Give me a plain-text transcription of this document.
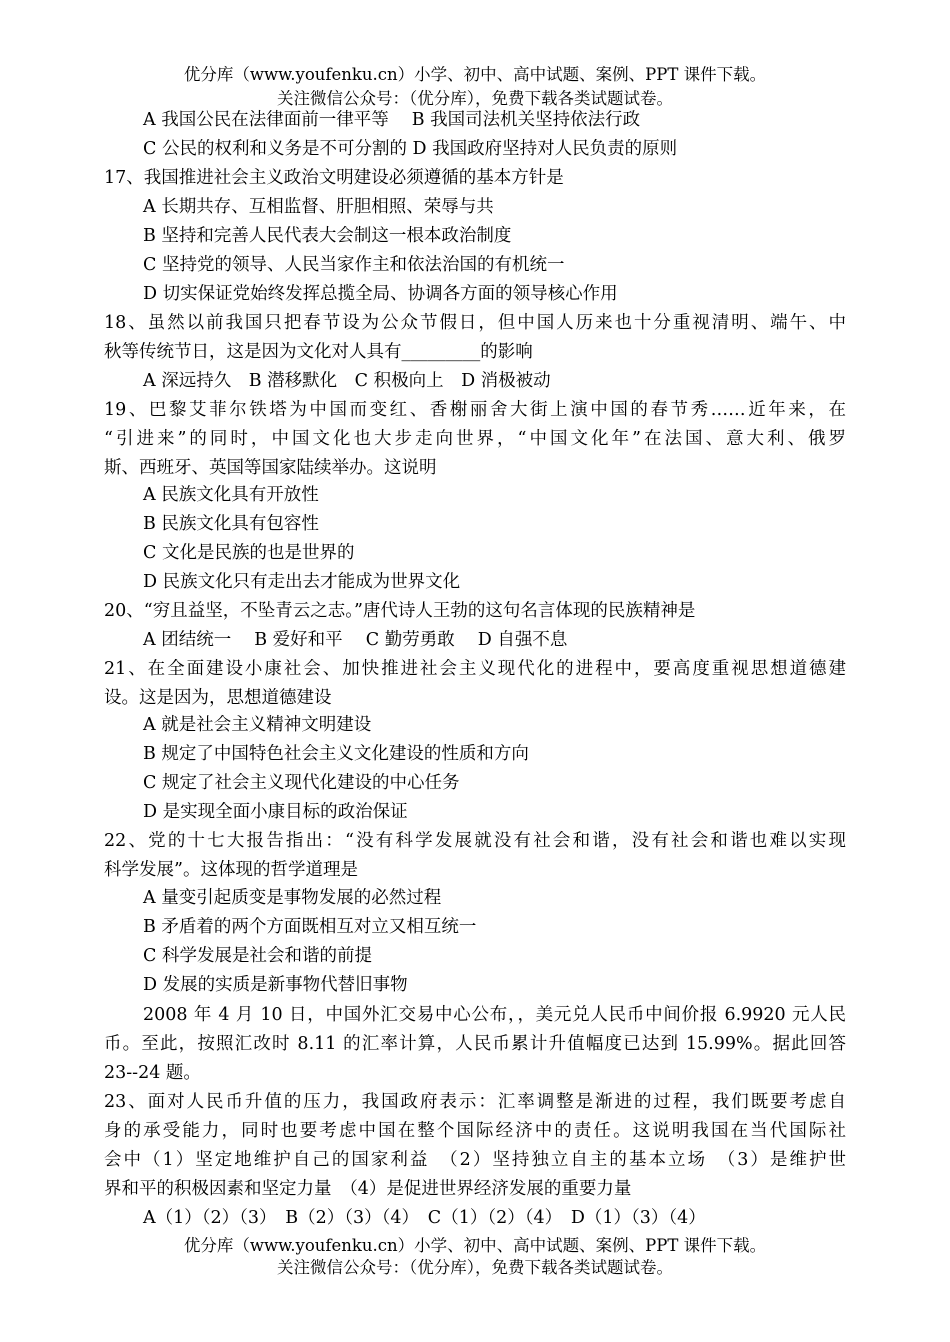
优分库（www.youfenku.cn）小学、初中、高中试题、案例、PPT 课件下载。
关注微信公众号：（优分库），免费下载各类试题试卷。
A 我国公民在法律面前一律平等　 B 我国司法机关坚持依法行政
C 公民的权利和义务是不可分割的 D 我国政府坚持对人民负责的原则
17、我国推进社会主义政治文明建设必须遵循的基本方针是
A 长期共存、互相监督、肝胆相照、荣辱与共
B 坚持和完善人民代表大会制这一根本政治制度
C 坚持党的领导、人民当家作主和依法治国的有机统一
D 切实保证党始终发挥总揽全局、协调各方面的领导核心作用
18、虽然以前我国只把春节设为公众节假日，但中国人历来也十分重视清明、端午、中
秋等传统节日，这是因为文化对人具有_________的影响
A 深远持久　B 潜移默化　C 积极向上　D 消极被动
19、巴黎艾菲尔铁塔为中国而变红、香榭丽舍大街上演中国的春节秀……近年来，在
“引进来”的同时，中国文化也大步走向世界，“中国文化年”在法国、意大利、俄罗
斯、西班牙、英国等国家陆续举办。这说明
A 民族文化具有开放性
B 民族文化具有包容性
C 文化是民族的也是世界的
D 民族文化只有走出去才能成为世界文化
20、“穷且益坚，不坠青云之志。”唐代诗人王勃的这句名言体现的民族精神是
A 团结统一　 B 爱好和平　 C 勤劳勇敢　 D 自强不息
21、在全面建设小康社会、加快推进社会主义现代化的进程中，要高度重视思想道德建
设。这是因为，思想道德建设
A 就是社会主义精神文明建设
B 规定了中国特色社会主义文化建设的性质和方向
C 规定了社会主义现代化建设的中心任务
D 是实现全面小康目标的政治保证
22、党的十七大报告指出：“没有科学发展就没有社会和谐，没有社会和谐也难以实现
科学发展”。这体现的哲学道理是
A 量变引起质变是事物发展的必然过程
B 矛盾着的两个方面既相互对立又相互统一
C 科学发展是社会和谐的前提
D 发展的实质是新事物代替旧事物
2008 年 4 月 10 日，中国外汇交易中心公布，，美元兑人民币中间价报 6.9920 元人民
币。至此，按照汇改时 8.11 的汇率计算，人民币累计升值幅度已达到 15.99%。据此回答
23--24 题。
23、面对人民币升值的压力，我国政府表示：汇率调整是渐进的过程，我们既要考虑自
身的承受能力，同时也要考虑中国在整个国际经济中的责任。这说明我国在当代国际社
会中（1）坚定地维护自己的国家利益　（2）坚持独立自主的基本立场　（3）是维护世
界和平的积极因素和坚定力量　（4）是促进世界经济发展的重要力量
A（1）（2）（3）　B（2）（3）（4）　C（1）（2）（4）　D（1）（3）（4）
优分库（www.youfenku.cn）小学、初中、高中试题、案例、PPT 课件下载。
关注微信公众号：（优分库），免费下载各类试题试卷。
